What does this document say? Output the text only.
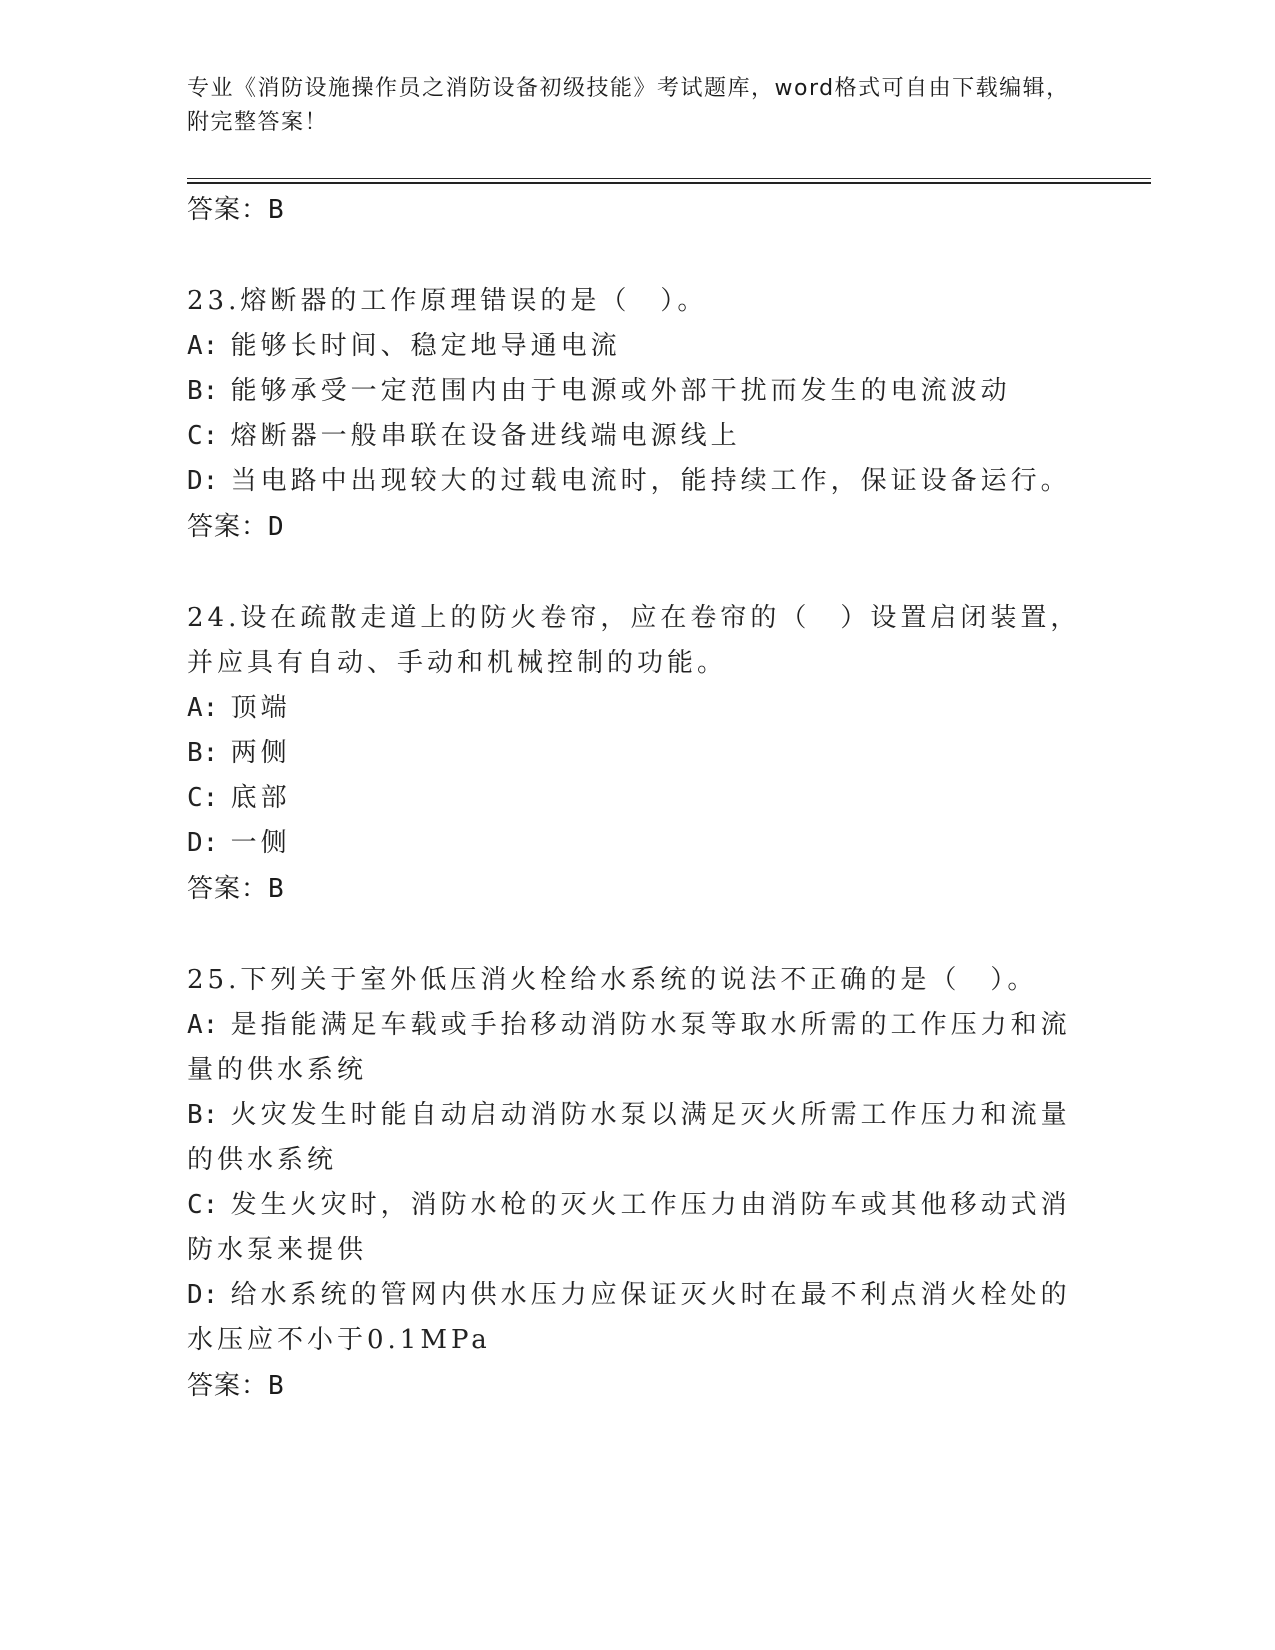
专业《消防设施操作员之消防设备初级技能》考试题库，word格式可自由下载编辑，附完整答案！
答案：B
23.熔断器的工作原理错误的是（　）。
A: 能够长时间、稳定地导通电流
B: 能够承受一定范围内由于电源或外部干扰而发生的电流波动
C: 熔断器一般串联在设备进线端电源线上
D: 当电路中出现较大的过载电流时，能持续工作，保证设备运行。
答案：D
24.设在疏散走道上的防火卷帘，应在卷帘的（　）设置启闭装置，并应具有自动、手动和机械控制的功能。
A: 顶端
B: 两侧
C: 底部
D: 一侧
答案：B
25.下列关于室外低压消火栓给水系统的说法不正确的是（　）。
A: 是指能满足车载或手抬移动消防水泵等取水所需的工作压力和流量的供水系统
B: 火灾发生时能自动启动消防水泵以满足灭火所需工作压力和流量的供水系统
C: 发生火灾时，消防水枪的灭火工作压力由消防车或其他移动式消防水泵来提供
D: 给水系统的管网内供水压力应保证灭火时在最不利点消火栓处的水压应不小于0.1MPa
答案：B
